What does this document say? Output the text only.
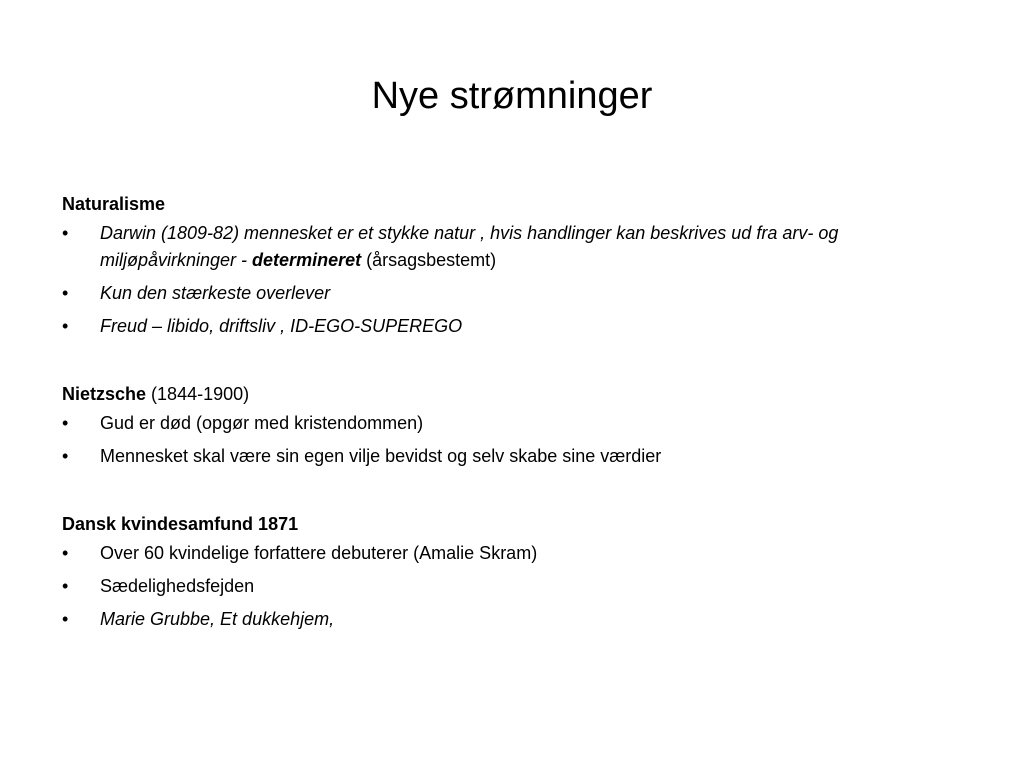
Nye strømninger

Naturalisme

• Darwin (1809-82) mennesket er et stykke natur , hvis handlinger kan beskrives ud fra arv- og miljøpåvirkninger - determineret (årsagsbestemt)
• Kun den stærkeste overlever
• Freud – libido, driftsliv , ID-EGO-SUPEREGO

Nietzsche (1844-1900)

• Gud er død (opgør med kristendommen)
• Mennesket skal være sin egen vilje bevidst og selv skabe sine værdier

Dansk kvindesamfund 1871

• Over 60 kvindelige forfattere debuterer (Amalie Skram)
• Sædelighedsfejden
• Marie Grubbe, Et dukkehjem,
